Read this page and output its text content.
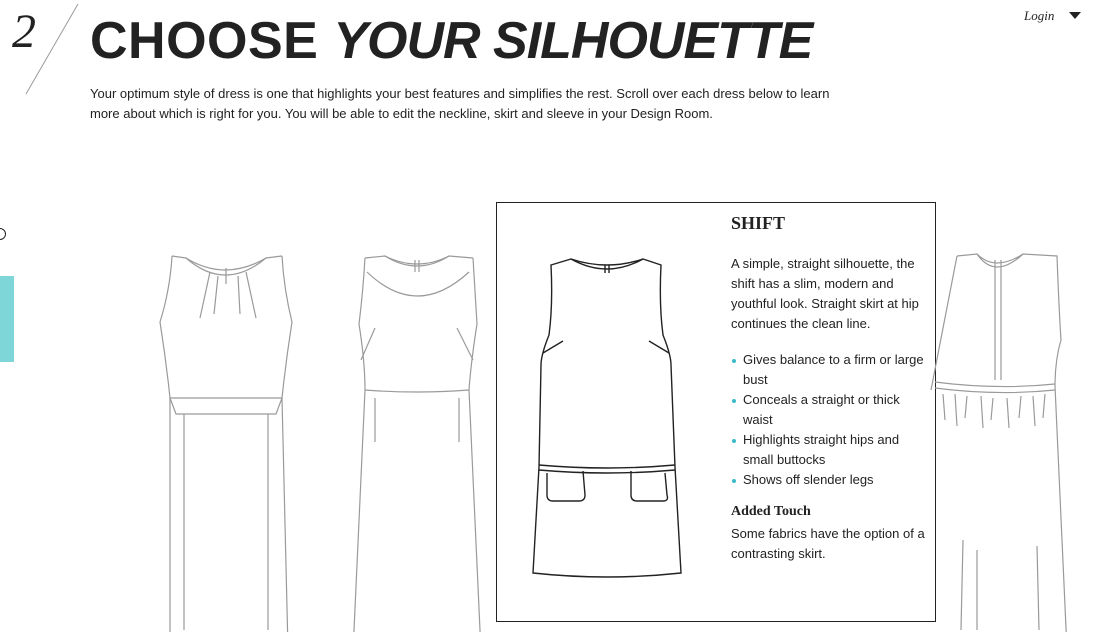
2 CHOOSE YOUR SILHOUETTE
Your optimum style of dress is one that highlights your best features and simplifies the rest. Scroll over each dress below to learn more about which is right for you. You will be able to edit the neckline, skirt and sleeve in your Design Room.
Login
SHIFT
A simple, straight silhouette, the shift has a slim, modern and youthful look. Straight skirt at hip continues the clean line.
Gives balance to a firm or large bust
Conceals a straight or thick waist
Highlights straight hips and small buttocks
Shows off slender legs
Added Touch
Some fabrics have the option of a contrasting skirt.
